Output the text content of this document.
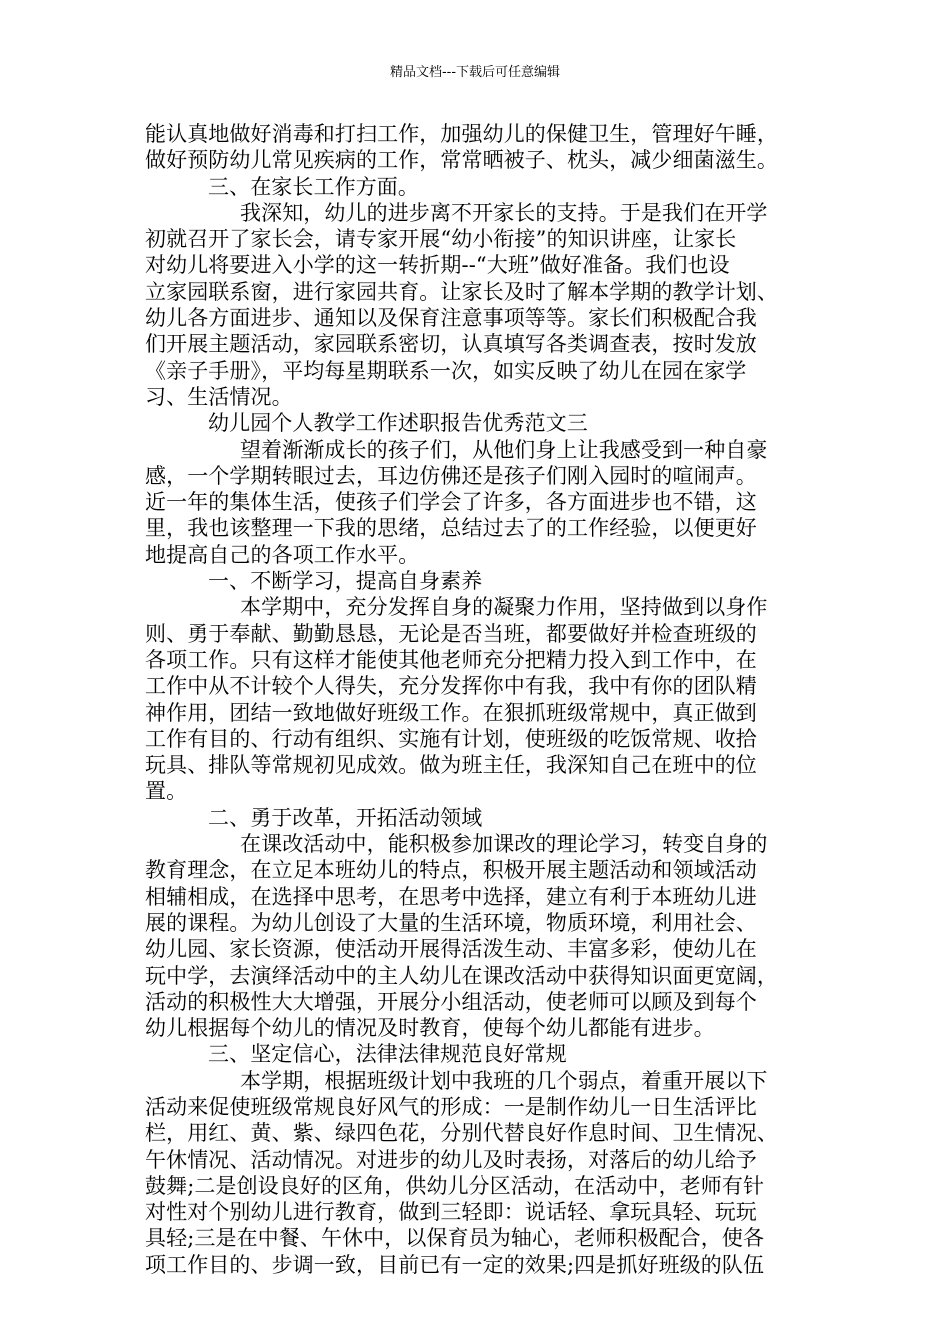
精品文档---下载后可任意编辑
能认真地做好消毒和打扫工作，加强幼儿的保健卫生，管理好午睡，
做好预防幼儿常见疾病的工作，常常晒被子、枕头，减少细菌滋生。
三、在家长工作方面。
我深知，幼儿的进步离不开家长的支持。于是我们在开学
初就召开了家长会，请专家开展“幼小衔接”的知识讲座，让家长
对幼儿将要进入小学的这一转折期--“大班”做好准备。我们也设
立家园联系窗，进行家园共育。让家长及时了解本学期的教学计划、
幼儿各方面进步、通知以及保育注意事项等等。家长们积极配合我
们开展主题活动，家园联系密切，认真填写各类调查表，按时发放
《亲子手册》，平均每星期联系一次，如实反映了幼儿在园在家学
习、生活情况。
幼儿园个人教学工作述职报告优秀范文三
望着渐渐成长的孩子们，从他们身上让我感受到一种自豪
感，一个学期转眼过去，耳边仿佛还是孩子们刚入园时的喧闹声。
近一年的集体生活，使孩子们学会了许多，各方面进步也不错，这
里，我也该整理一下我的思绪，总结过去了的工作经验，以便更好
地提高自己的各项工作水平。
一、不断学习，提高自身素养
本学期中，充分发挥自身的凝聚力作用，坚持做到以身作
则、勇于奉献、勤勤恳恳，无论是否当班，都要做好并检查班级的
各项工作。只有这样才能使其他老师充分把精力投入到工作中，在
工作中从不计较个人得失，充分发挥你中有我，我中有你的团队精
神作用，团结一致地做好班级工作。在狠抓班级常规中，真正做到
工作有目的、行动有组织、实施有计划，使班级的吃饭常规、收拾
玩具、排队等常规初见成效。做为班主任，我深知自己在班中的位
置。
二、勇于改革，开拓活动领域
在课改活动中，能积极参加课改的理论学习，转变自身的
教育理念，在立足本班幼儿的特点，积极开展主题活动和领域活动
相辅相成，在选择中思考，在思考中选择，建立有利于本班幼儿进
展的课程。为幼儿创设了大量的生活环境，物质环境，利用社会、
幼儿园、家长资源，使活动开展得活泼生动、丰富多彩，使幼儿在
玩中学，去演绎活动中的主人幼儿在课改活动中获得知识面更宽阔，
活动的积极性大大增强，开展分小组活动，使老师可以顾及到每个
幼儿根据每个幼儿的情况及时教育，使每个幼儿都能有进步。
三、坚定信心，法律法律规范良好常规
本学期，根据班级计划中我班的几个弱点，着重开展以下
活动来促使班级常规良好风气的形成：一是制作幼儿一日生活评比
栏，用红、黄、紫、绿四色花，分别代替良好作息时间、卫生情况、
午休情况、活动情况。对进步的幼儿及时表扬，对落后的幼儿给予
鼓舞;二是创设良好的区角，供幼儿分区活动，在活动中，老师有针
对性对个别幼儿进行教育，做到三轻即：说话轻、拿玩具轻、玩玩
具轻;三是在中餐、午休中，以保育员为轴心，老师积极配合，使各
项工作目的、步调一致，目前已有一定的效果;四是抓好班级的队伍
